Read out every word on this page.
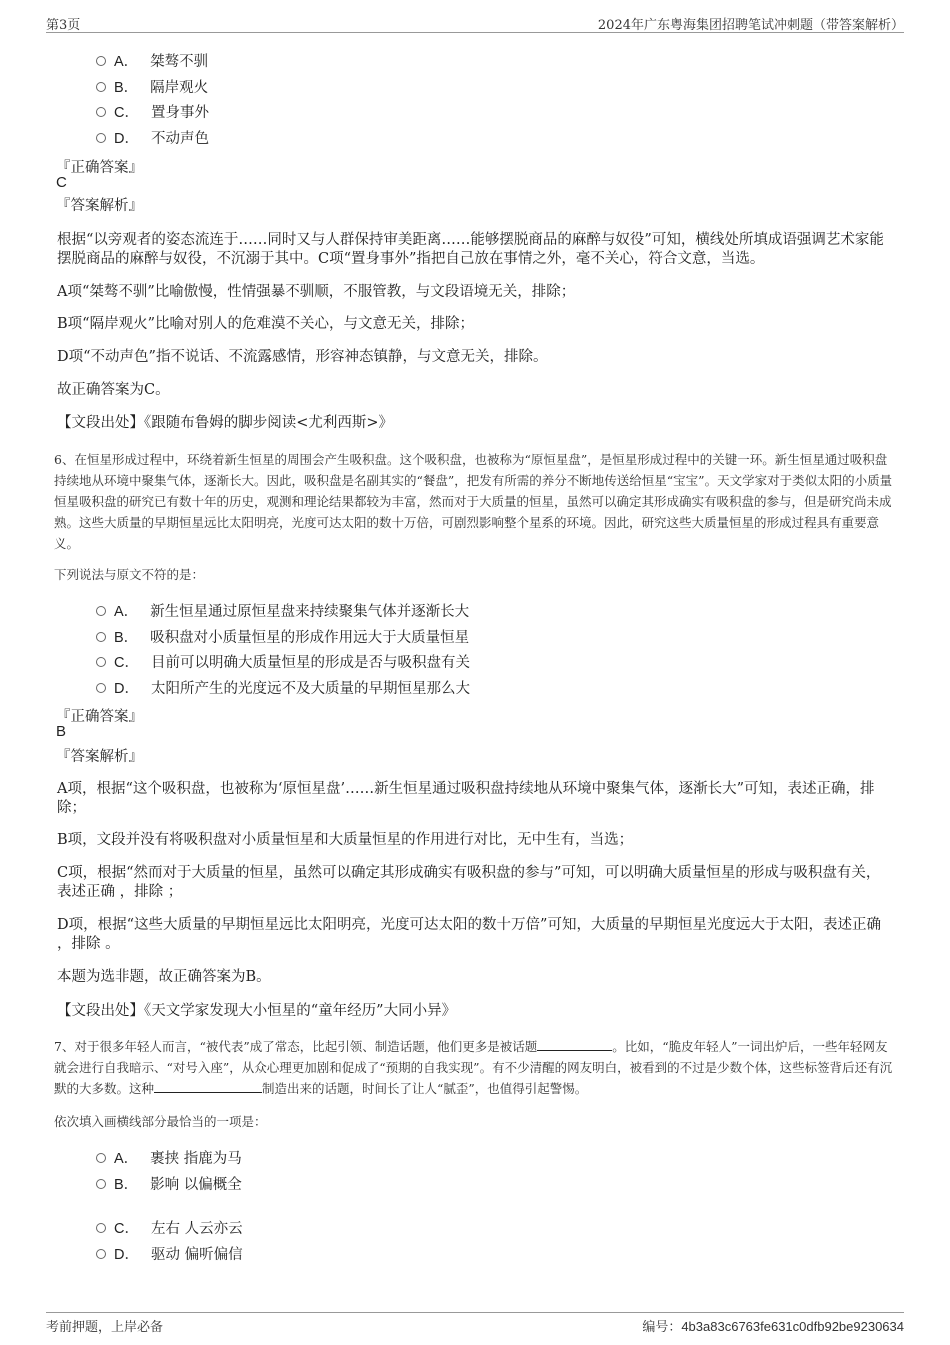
第3页	2024年广东粤海集团招聘笔试冲刺题（带答案解析）
A． 桀骜不驯
B． 隔岸观火
C． 置身事外
D． 不动声色
『正确答案』
C
『答案解析』
根据“以旁观者的姿态流连于……同时又与人群保持审美距离……能够摆脱商品的麻醉与奴役”可知，横线处所填成语强调艺术家能摆脱商品的麻醉与奴役，不沉溺于其中。C项“置身事外”指把自己放在事情之外，毫不关心，符合文意，当选。
A项“桀骜不驯”比喻傲慢，性情强暴不驯顺，不服管教，与文段语境无关，排除；
B项“隔岸观火”比喻对别人的危难漠不关心，与文意无关，排除；
D项“不动声色”指不说话、不流露感情，形容神态镇静，与文意无关，排除。
故正确答案为C。
【文段出处】《跟随布鲁姆的脚步阅读<尤利西斯>》
6、在恒星形成过程中，环绕着新生恒星的周围会产生吸积盘。这个吸积盘，也被称为“原恒星盘”，是恒星形成过程中的关键一环。新生恒星通过吸积盘持续地从环境中聚集气体，逐渐长大。因此，吸积盘是名副其实的“餐盘”，把发有所需的养分不断地传送给恒星“宝宝”。天文学家对于类似太阳的小质量恒星吸积盘的研究已有数十年的历史，观测和理论结果都较为丰富，然而对于大质量的恒星，虽然可以确定其形成确实有吸积盘的参与，但是研究尚未成熟。这些大质量的早期恒星远比太阳明亮，光度可达太阳的数十万倍，可剧烈影响整个星系的环境。因此，研究这些大质量恒星的形成过程具有重要意义。
下列说法与原文不符的是：
A． 新生恒星通过原恒星盘来持续聚集气体并逐渐长大
B． 吸积盘对小质量恒星的形成作用远大于大质量恒星
C． 目前可以明确大质量恒星的形成是否与吸积盘有关
D． 太阳所产生的光度远不及大质量的早期恒星那么大
『正确答案』
B
『答案解析』
A项，根据“这个吸积盘，也被称为‘原恒星盘’……新生恒星通过吸积盘持续地从环境中聚集气体，逐渐长大”可知，表述正确，排除；
B项，文段并没有将吸积盘对小质量恒星和大质量恒星的作用进行对比，无中生有，当选；
C项，根据“然而对于大质量的恒星，虽然可以确定其形成确实有吸积盘的参与”可知，可以明确大质量恒星的形成与吸积盘有关，表述正确 ，排除 ；
D项，根据“这些大质量的早期恒星远比太阳明亮，光度可达太阳的数十万倍”可知，大质量的早期恒星光度远大于太阳，表述正确 ，排除 。
本题为选非题，故正确答案为B。
【文段出处】《天文学家发现大小恒星的“童年经历”大同小异》
7、对于很多年轻人而言，“被代表”成了常态，比起引领、制造话题，他们更多是被话题	。比如，“脆皮年轻人”一词出炉后，一些年轻网友就会进行自我暗示、“对号入座”，从众心理更加剧和促成了“预期的自我实现”。有不少清醒的网友明白，被看到的不过是少数个体，这些标签背后还有沉默的大多数。这种	制造出来的话题，时间长了让人“腻歪”，也值得引起警惕。
依次填入画横线部分最恰当的一项是：
A． 裹挟 指鹿为马
B． 影响 以偏概全
C． 左右 人云亦云
D． 驱动 偏听偏信
考前押题，上岸必备	编号：4b3a83c6763fe631c0dfb92be9230634
